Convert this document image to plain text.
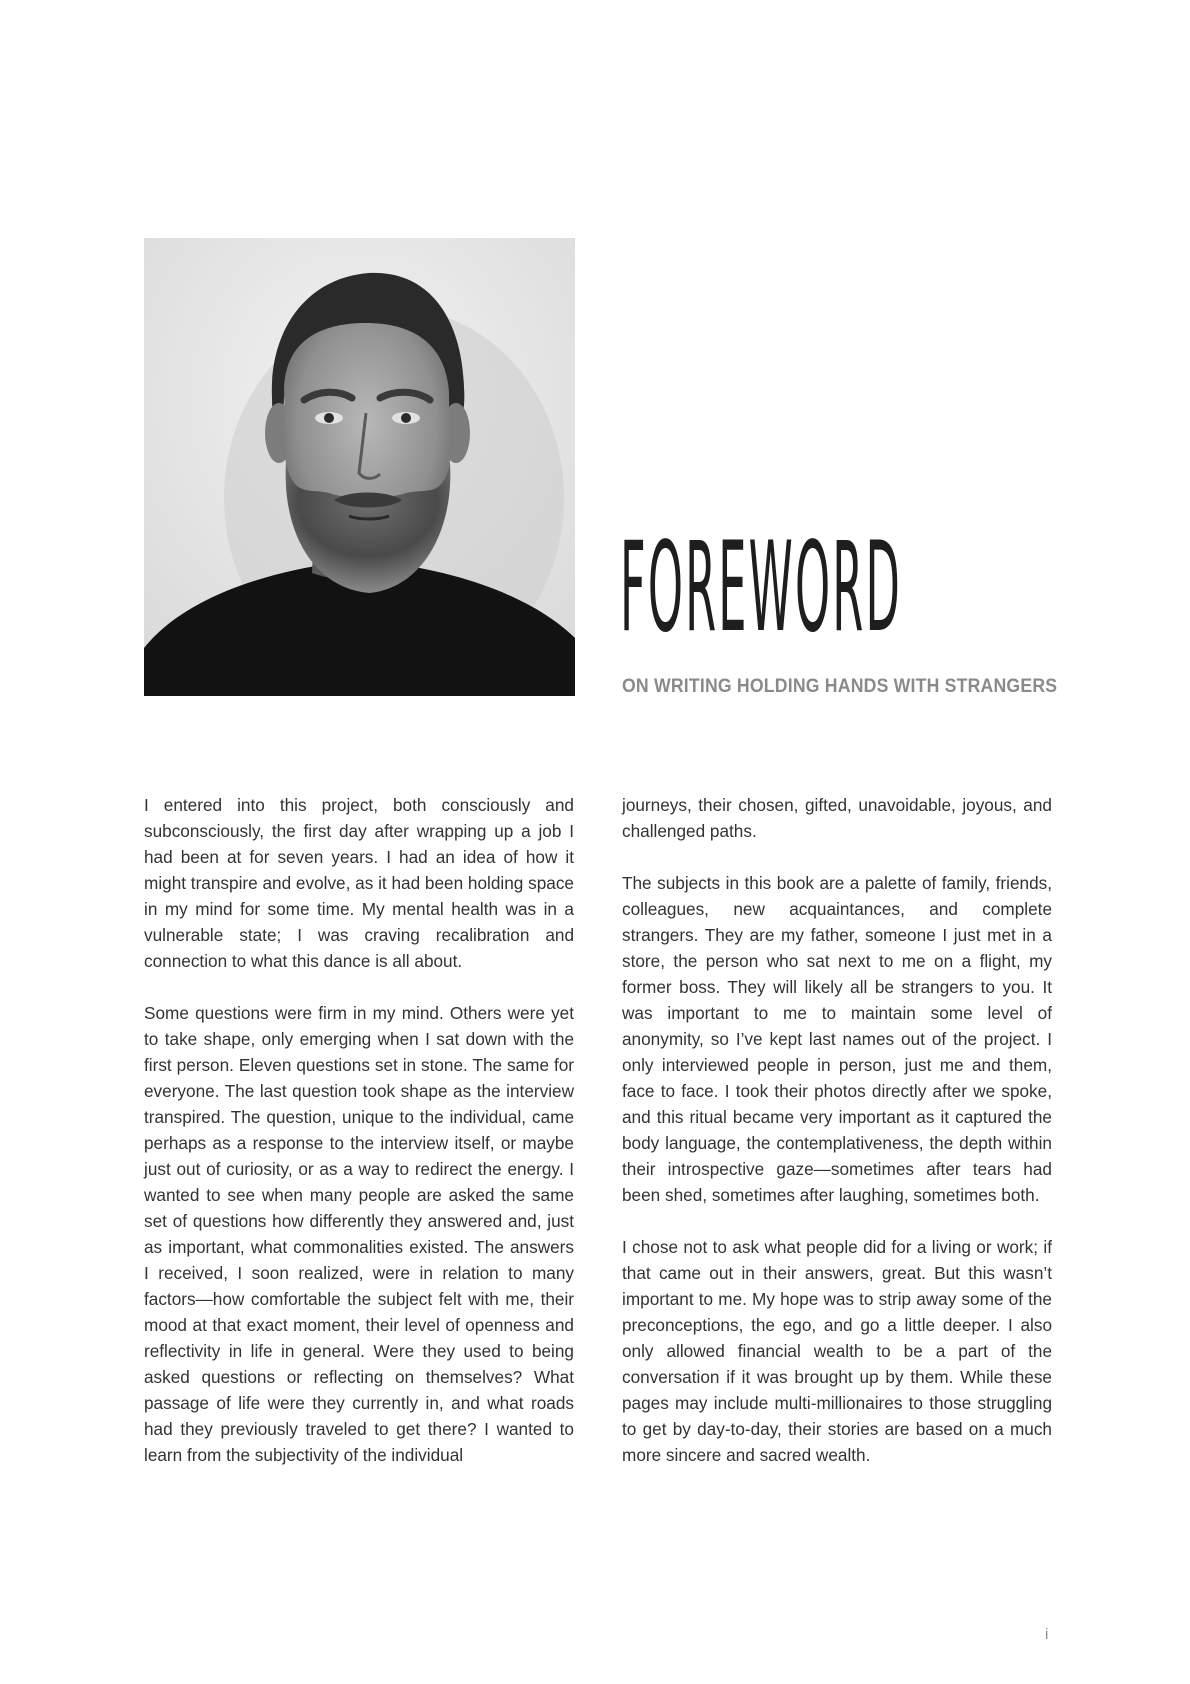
FOREWORD
ON WRITING HOLDING HANDS WITH STRANGERS

I entered into this project, both consciously and subconsciously, the first day after wrapping up a job I had been at for seven years. I had an idea of how it might transpire and evolve, as it had been holding space in my mind for some time. My mental health was in a vulnerable state; I was craving recalibration and connection to what this dance is all about.

Some questions were firm in my mind. Others were yet to take shape, only emerging when I sat down with the first person. Eleven questions set in stone. The same for everyone. The last question took shape as the interview transpired. The question, unique to the individual, came perhaps as a response to the interview itself, or maybe just out of curiosity, or as a way to redirect the energy. I wanted to see when many people are asked the same set of questions how differently they answered and, just as important, what commonalities existed. The answers I received, I soon realized, were in relation to many factors—how comfortable the subject felt with me, their mood at that exact moment, their level of openness and reflectivity in life in general. Were they used to being asked questions or reflecting on themselves? What passage of life were they currently in, and what roads had they previously traveled to get there? I wanted to learn from the subjectivity of the individual

journeys, their chosen, gifted, unavoidable, joyous, and challenged paths.

The subjects in this book are a palette of family, friends, colleagues, new acquaintances, and complete strangers. They are my father, someone I just met in a store, the person who sat next to me on a flight, my former boss. They will likely all be strangers to you. It was important to me to maintain some level of anonymity, so I’ve kept last names out of the project. I only interviewed people in person, just me and them, face to face. I took their photos directly after we spoke, and this ritual became very important as it captured the body language, the contemplativeness, the depth within their introspective gaze—sometimes after tears had been shed, sometimes after laughing, sometimes both.

I chose not to ask what people did for a living or work; if that came out in their answers, great. But this wasn’t important to me. My hope was to strip away some of the preconceptions, the ego, and go a little deeper. I also only allowed financial wealth to be a part of the conversation if it was brought up by them. While these pages may include multi-millionaires to those struggling to get by day-to-day, their stories are based on a much more sincere and sacred wealth.

i
